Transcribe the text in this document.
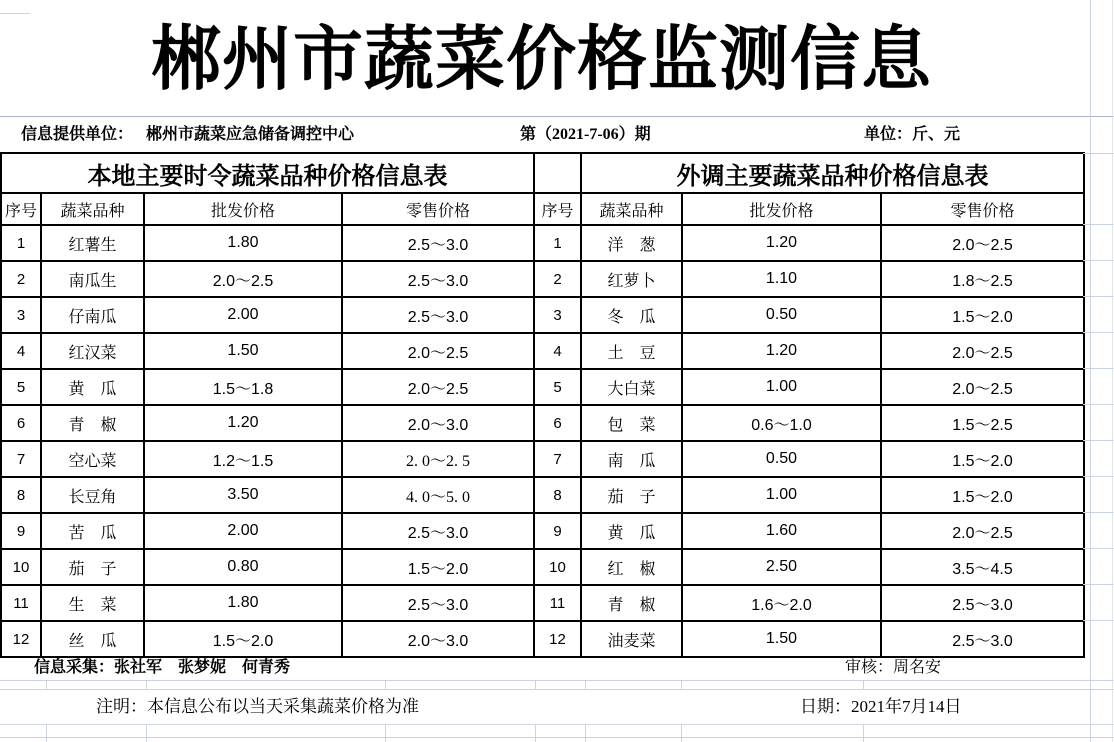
郴州市蔬菜价格监测信息
信息提供单位： 郴州市蔬菜应急储备调控中心	第（2021-7-06）期	单位：斤、元
本地主要时令蔬菜品种价格信息表					外调主要蔬菜品种价格信息表		
序号	蔬菜品种	批发价格	零售价格	序号	蔬菜品种	批发价格	零售价格
1	红薯生	1.80	2.5～3.0	1	洋　葱	1.20	2.0～2.5
2	南瓜生	2.0～2.5	2.5～3.0	2	红萝卜	1.10	1.8～2.5
3	仔南瓜	2.00	2.5～3.0	3	冬　瓜	0.50	1.5～2.0
4	红汉菜	1.50	2.0～2.5	4	土　豆	1.20	2.0～2.5
5	黄　瓜	1.5～1.8	2.0～2.5	5	大白菜	1.00	2.0～2.5
6	青　椒	1.20	2.0～3.0	6	包　菜	0.6～1.0	1.5～2.5
7	空心菜	1.2～1.5	2. 0～2. 5	7	南　瓜	0.50	1.5～2.0
8	长豆角	3.50	4. 0～5. 0	8	茄　子	1.00	1.5～2.0
9	苦　瓜	2.00	2.5～3.0	9	黄　瓜	1.60	2.0～2.5
10	茄　子	0.80	1.5～2.0	10	红　椒	2.50	3.5～4.5
11	生　菜	1.80	2.5～3.0	11	青　椒	1.6～2.0	2.5～3.0
12	丝　瓜	1.5～2.0	2.0～3.0	12	油麦菜	1.50	2.5～3.0
信息采集：张社军　张梦妮　何青秀	审核：周名安
注明：本信息公布以当天采集蔬菜价格为准	日期：2021年7月14日
